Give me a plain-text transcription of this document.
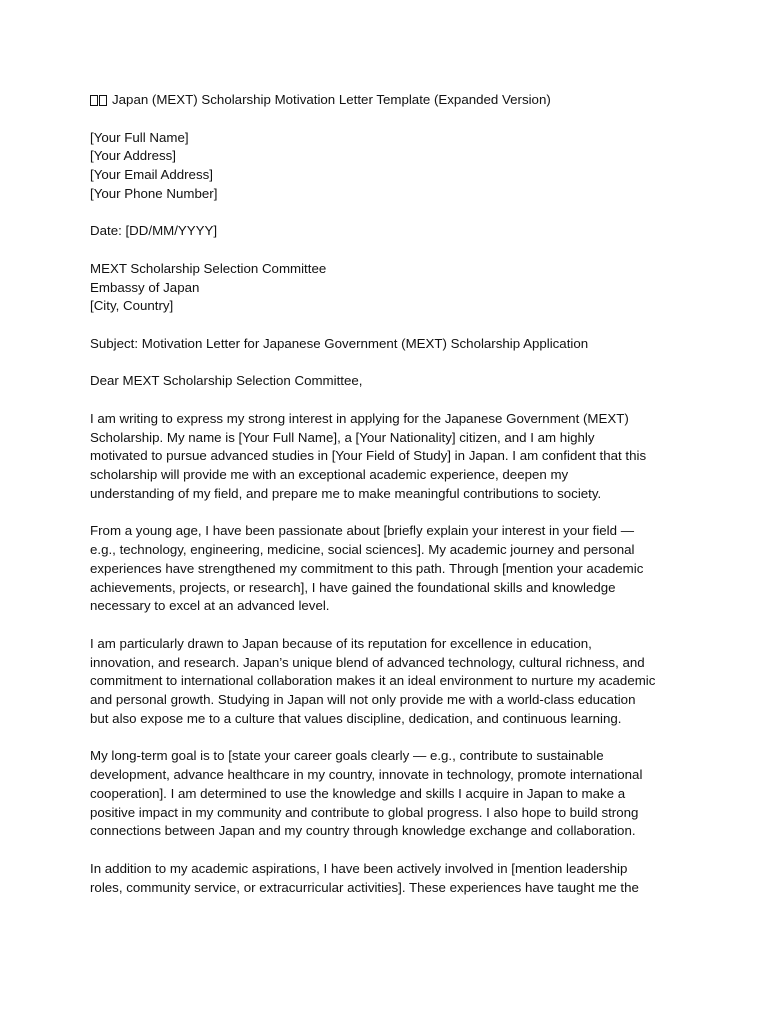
Japan (MEXT) Scholarship Motivation Letter Template (Expanded Version)
[Your Full Name]
[Your Address]
[Your Email Address]
[Your Phone Number]
Date: [DD/MM/YYYY]
MEXT Scholarship Selection Committee
Embassy of Japan
[City, Country]
Subject: Motivation Letter for Japanese Government (MEXT) Scholarship Application
Dear MEXT Scholarship Selection Committee,
I am writing to express my strong interest in applying for the Japanese Government (MEXT)
Scholarship. My name is [Your Full Name], a [Your Nationality] citizen, and I am highly
motivated to pursue advanced studies in [Your Field of Study] in Japan. I am confident that this
scholarship will provide me with an exceptional academic experience, deepen my
understanding of my field, and prepare me to make meaningful contributions to society.
From a young age, I have been passionate about [briefly explain your interest in your field —
e.g., technology, engineering, medicine, social sciences]. My academic journey and personal
experiences have strengthened my commitment to this path. Through [mention your academic
achievements, projects, or research], I have gained the foundational skills and knowledge
necessary to excel at an advanced level.
I am particularly drawn to Japan because of its reputation for excellence in education,
innovation, and research. Japan’s unique blend of advanced technology, cultural richness, and
commitment to international collaboration makes it an ideal environment to nurture my academic
and personal growth. Studying in Japan will not only provide me with a world-class education
but also expose me to a culture that values discipline, dedication, and continuous learning.
My long-term goal is to [state your career goals clearly — e.g., contribute to sustainable
development, advance healthcare in my country, innovate in technology, promote international
cooperation]. I am determined to use the knowledge and skills I acquire in Japan to make a
positive impact in my community and contribute to global progress. I also hope to build strong
connections between Japan and my country through knowledge exchange and collaboration.
In addition to my academic aspirations, I have been actively involved in [mention leadership
roles, community service, or extracurricular activities]. These experiences have taught me the
